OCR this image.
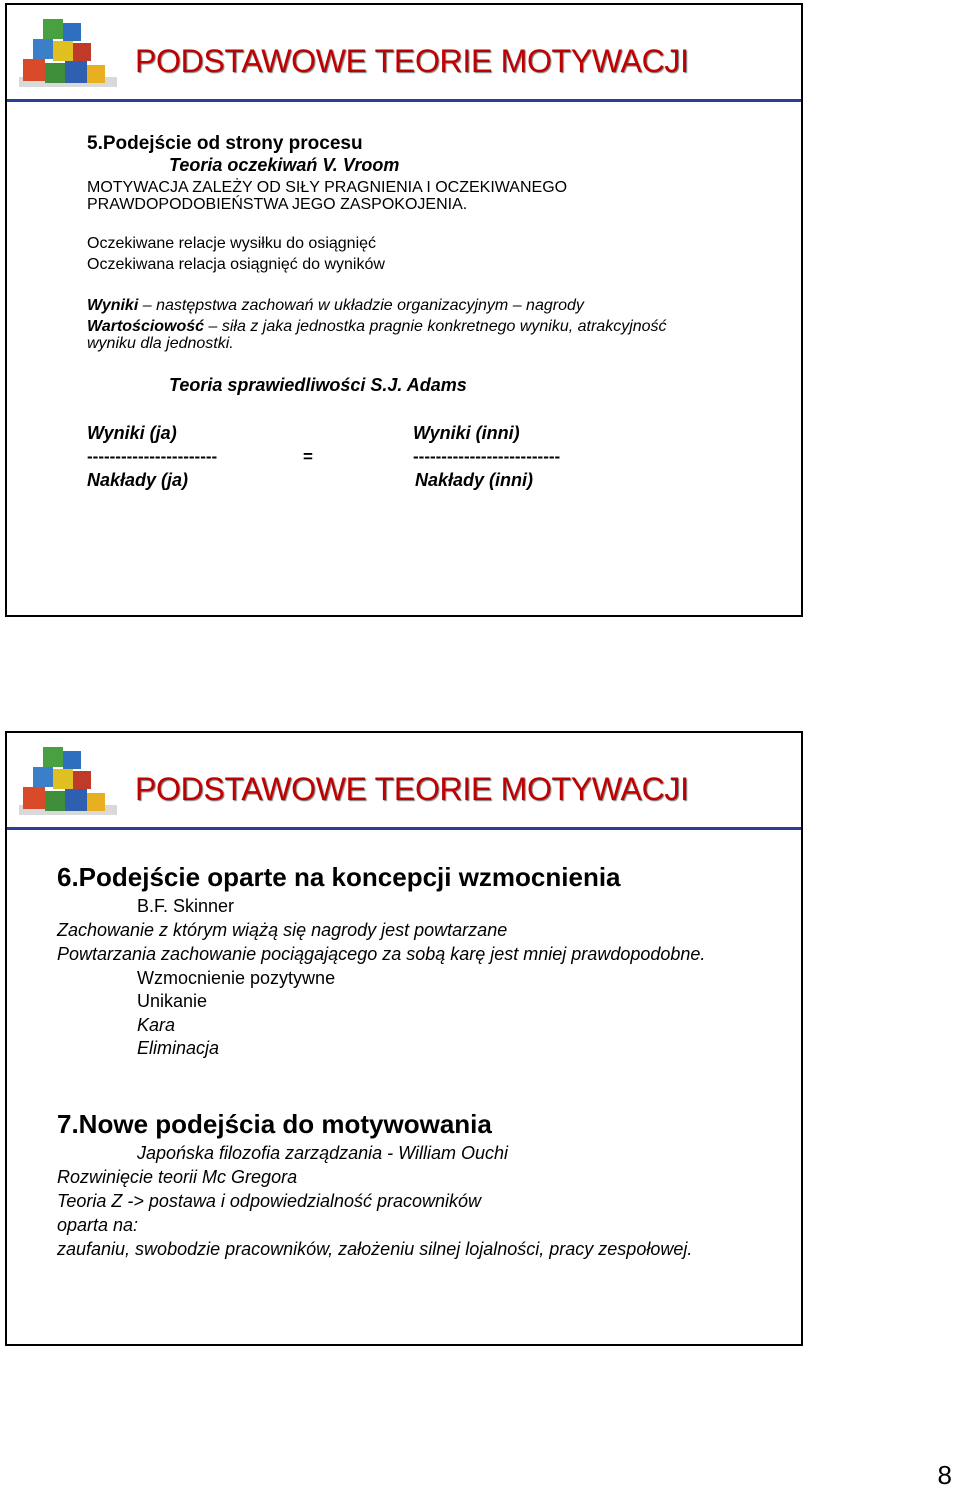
PODSTAWOWE TEORIE MOTYWACJI
5.Podejście od strony procesu
Teoria oczekiwań V. Vroom
MOTYWACJA ZALEŻY OD SIŁY PRAGNIENIA I OCZEKIWANEGO
PRAWDOPODOBIEŃSTWA JEGO ZASPOKOJENIA.
Oczekiwane relacje wysiłku do osiągnięć
Oczekiwana relacja osiągnięć do wyników
Wyniki – następstwa zachowań w układzie organizacyjnym – nagrody
Wartościowość – siła z jaka jednostka pragnie konkretnego wyniku, atrakcyjność
wyniku dla jednostki.
Teoria sprawiedliwości S.J. Adams
Wyniki (ja)	Wyniki (inni)
-----------------------	=	--------------------------
Nakłady (ja)	Nakłady (inni)
PODSTAWOWE TEORIE MOTYWACJI
6.Podejście oparte na koncepcji wzmocnienia
B.F. Skinner
Zachowanie z którym wiążą się nagrody jest powtarzane
Powtarzania zachowanie pociągającego za sobą karę jest mniej prawdopodobne.
Wzmocnienie pozytywne
Unikanie
Kara
Eliminacja
7.Nowe podejścia do motywowania
Japońska filozofia zarządzania - William Ouchi
Rozwinięcie teorii Mc Gregora
Teoria Z -> postawa i odpowiedzialność pracowników
oparta na:
zaufaniu, swobodzie pracowników, założeniu silnej lojalności, pracy zespołowej.
8
